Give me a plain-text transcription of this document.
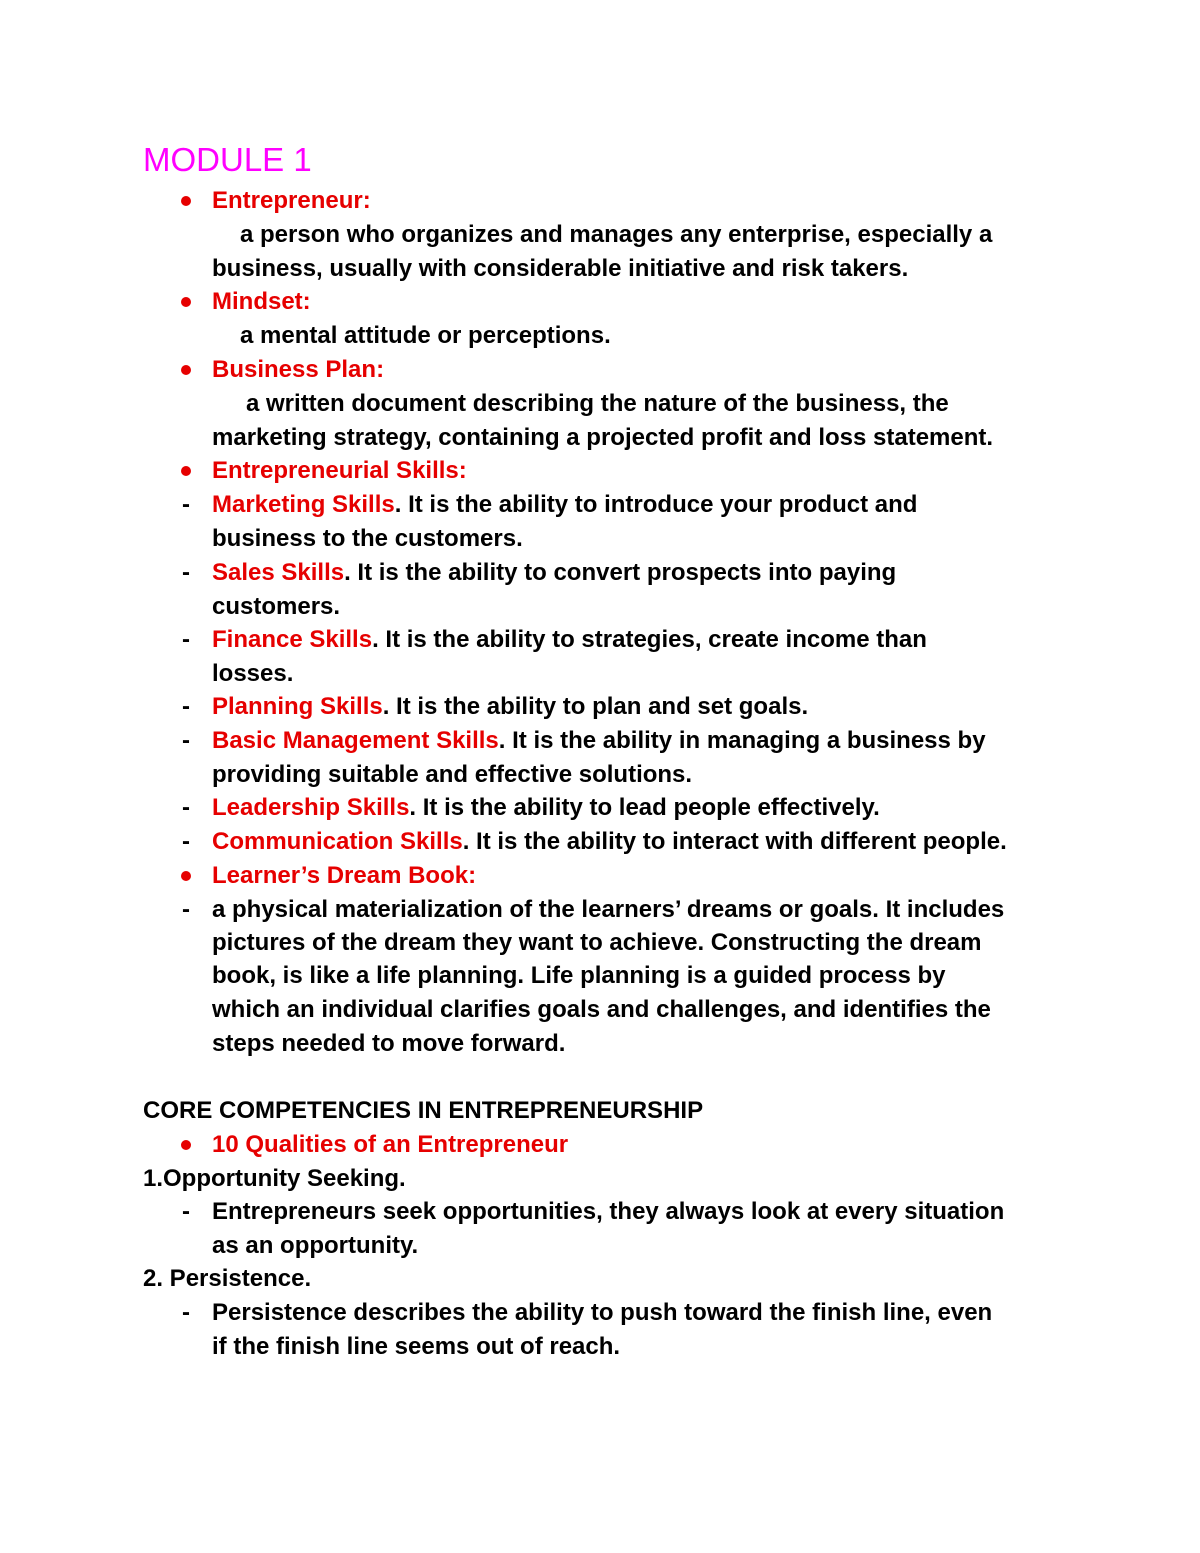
MODULE 1
Entrepreneur:
a person who organizes and manages any enterprise, especially a
business, usually with considerable initiative and risk takers.
Mindset:
a mental attitude or perceptions.
Business Plan:
a written document describing the nature of the business, the
marketing strategy, containing a projected profit and loss statement.
Entrepreneurial Skills:
- Marketing Skills. It is the ability to introduce your product and
business to the customers.
- Sales Skills. It is the ability to convert prospects into paying
customers.
- Finance Skills. It is the ability to strategies, create income than
losses.
- Planning Skills. It is the ability to plan and set goals.
- Basic Management Skills. It is the ability in managing a business by
providing suitable and effective solutions.
- Leadership Skills. It is the ability to lead people effectively.
- Communication Skills. It is the ability to interact with different people.
Learner’s Dream Book:
- a physical materialization of the learners’ dreams or goals. It includes
pictures of the dream they want to achieve. Constructing the dream
book, is like a life planning. Life planning is a guided process by
which an individual clarifies goals and challenges, and identifies the
steps needed to move forward.
CORE COMPETENCIES IN ENTREPRENEURSHIP
10 Qualities of an Entrepreneur
1.Opportunity Seeking.
- Entrepreneurs seek opportunities, they always look at every situation
as an opportunity.
2. Persistence.
- Persistence describes the ability to push toward the finish line, even
if the finish line seems out of reach.
